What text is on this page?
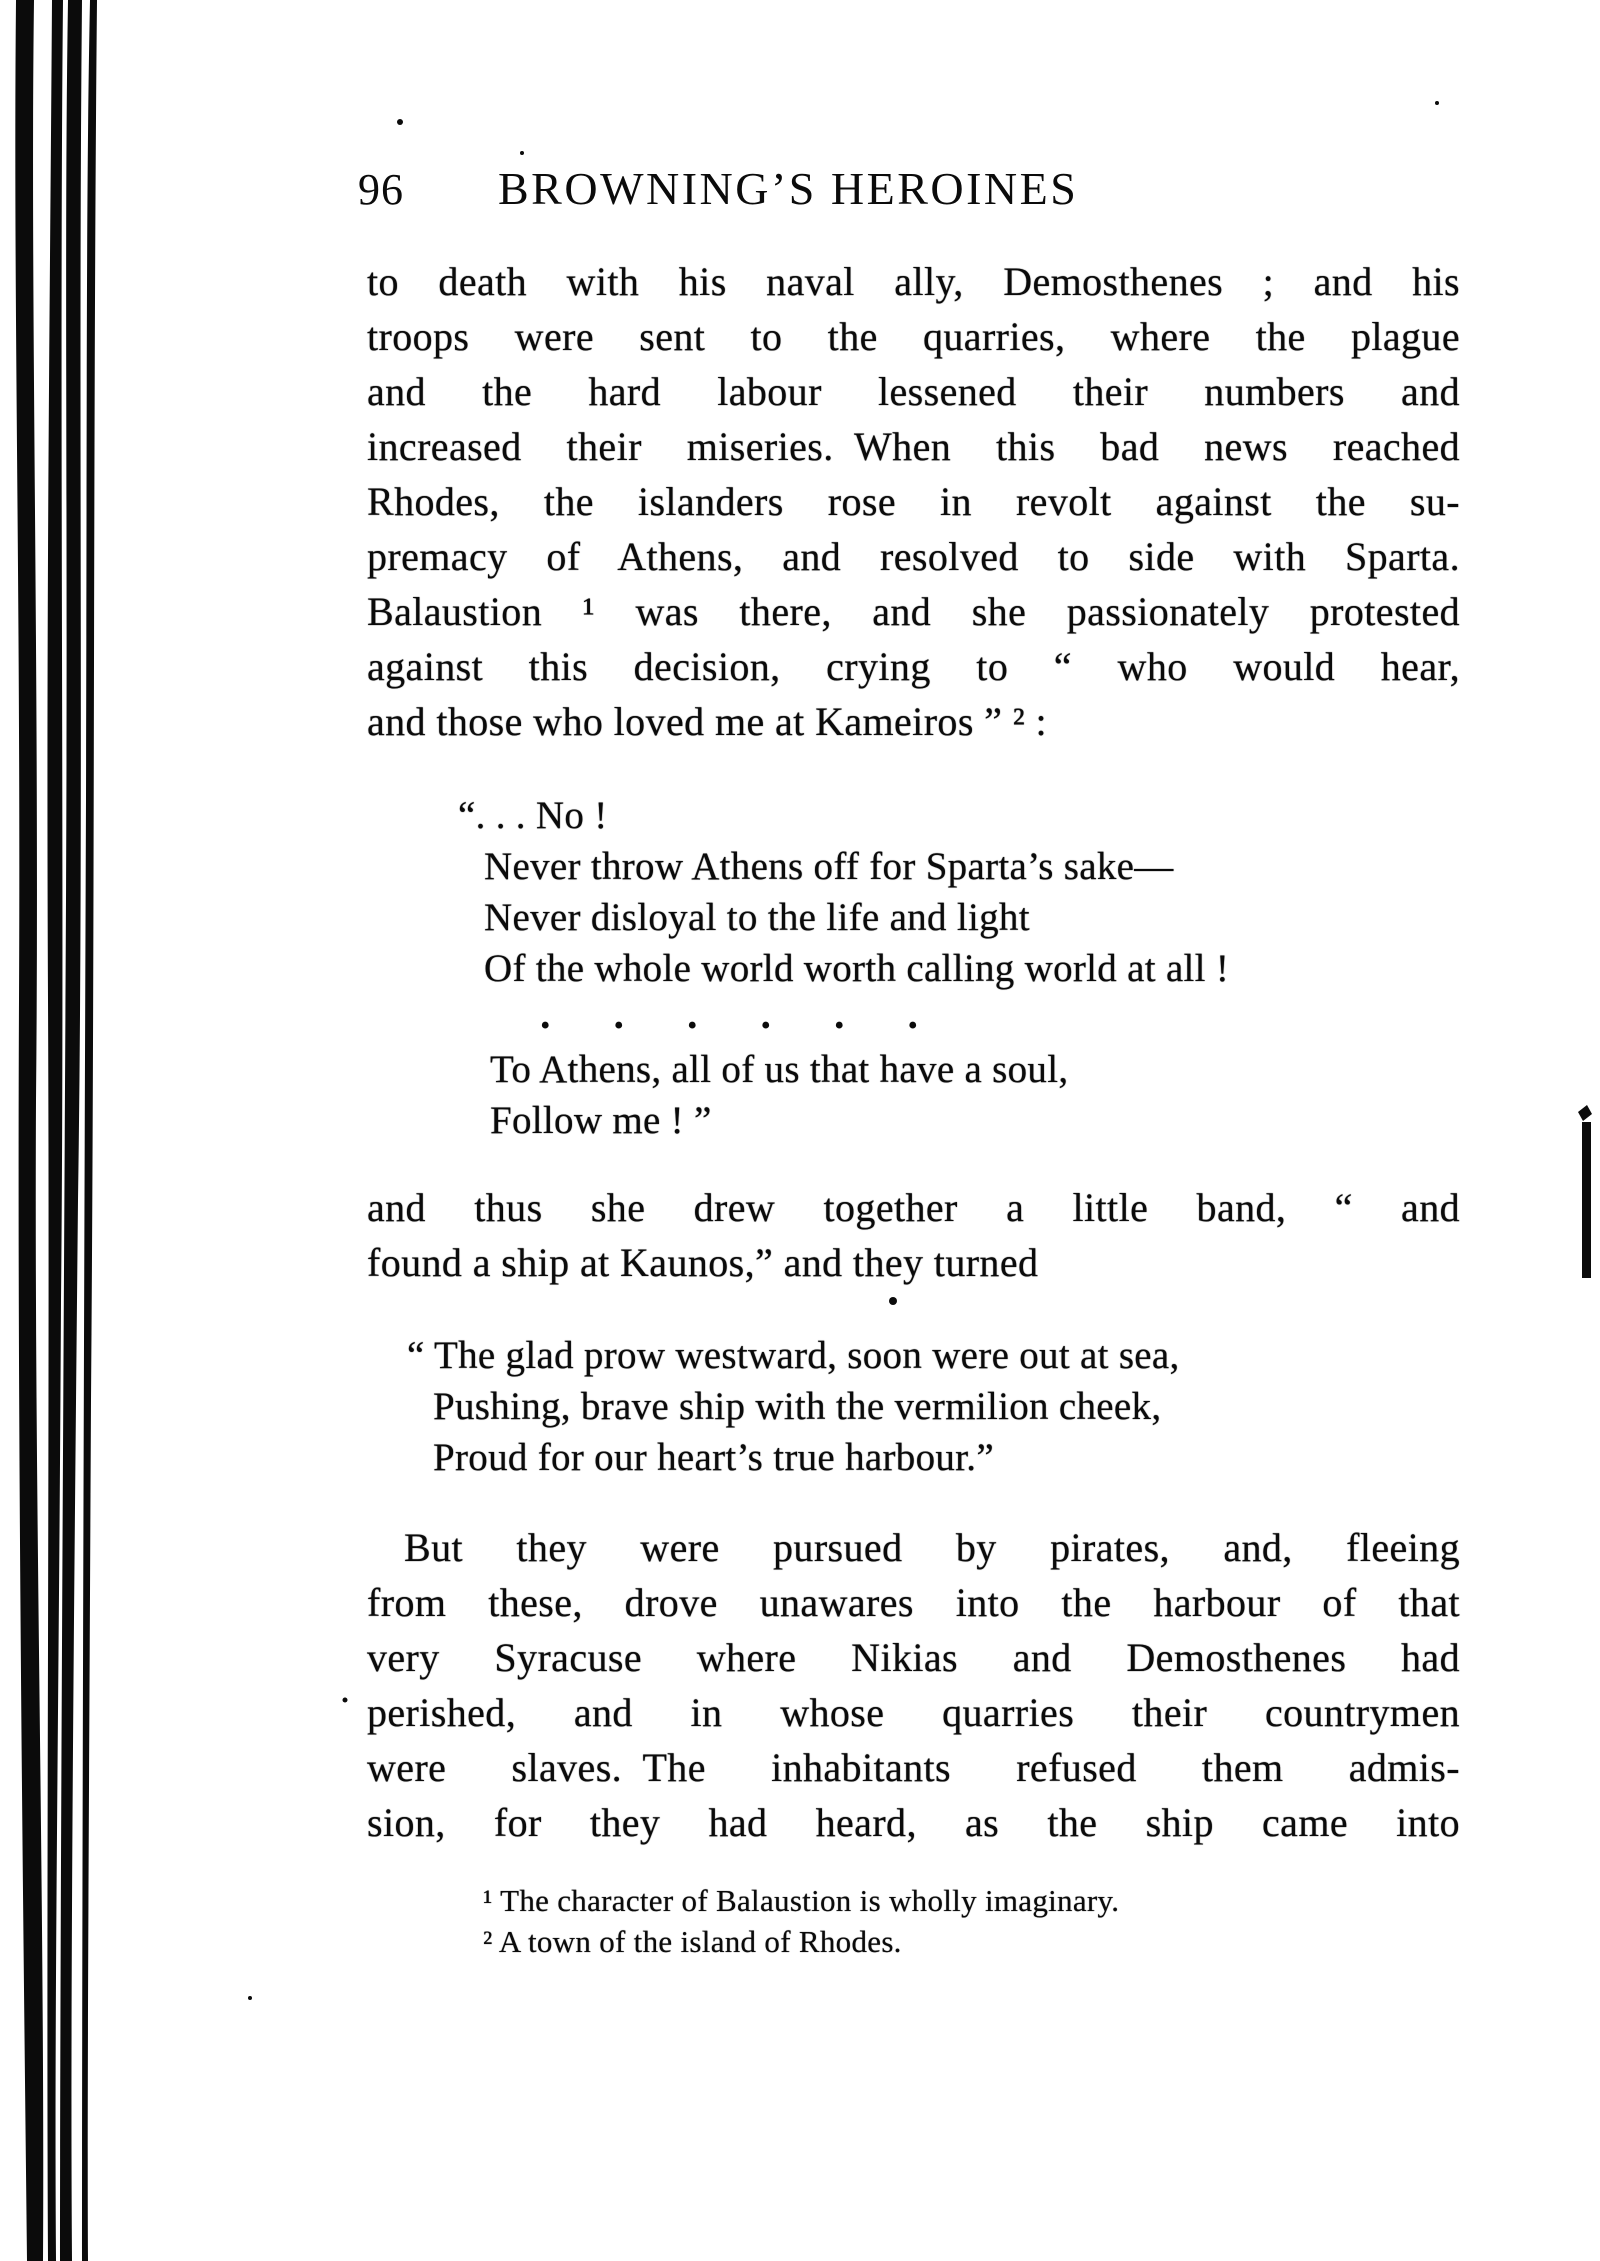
96 BROWNING’S HEROINES
to death with his naval ally, Demosthenes ; and his
troops were sent to the quarries, where the plague
and the hard labour lessened their numbers and
increased their miseries. When this bad news reached
Rhodes, the islanders rose in revolt against the su-
premacy of Athens, and resolved to side with Sparta.
Balaustion ¹ was there, and she passionately protested
against this decision, crying to “ who would hear,
and those who loved me at Kameiros ” ² :
“. . . No !
Never throw Athens off for Sparta’s sake—
Never disloyal to the life and light
Of the whole world worth calling world at all !
. . . . . .
To Athens, all of us that have a soul,
Follow me ! ”
and thus she drew together a little band, “ and
found a ship at Kaunos,” and they turned
“ The glad prow westward, soon were out at sea,
Pushing, brave ship with the vermilion cheek,
Proud for our heart’s true harbour.”
But they were pursued by pirates, and, fleeing
from these, drove unawares into the harbour of that
very Syracuse where Nikias and Demosthenes had
perished, and in whose quarries their countrymen
were slaves. The inhabitants refused them admis-
sion, for they had heard, as the ship came into
¹ The character of Balaustion is wholly imaginary.
² A town of the island of Rhodes.
